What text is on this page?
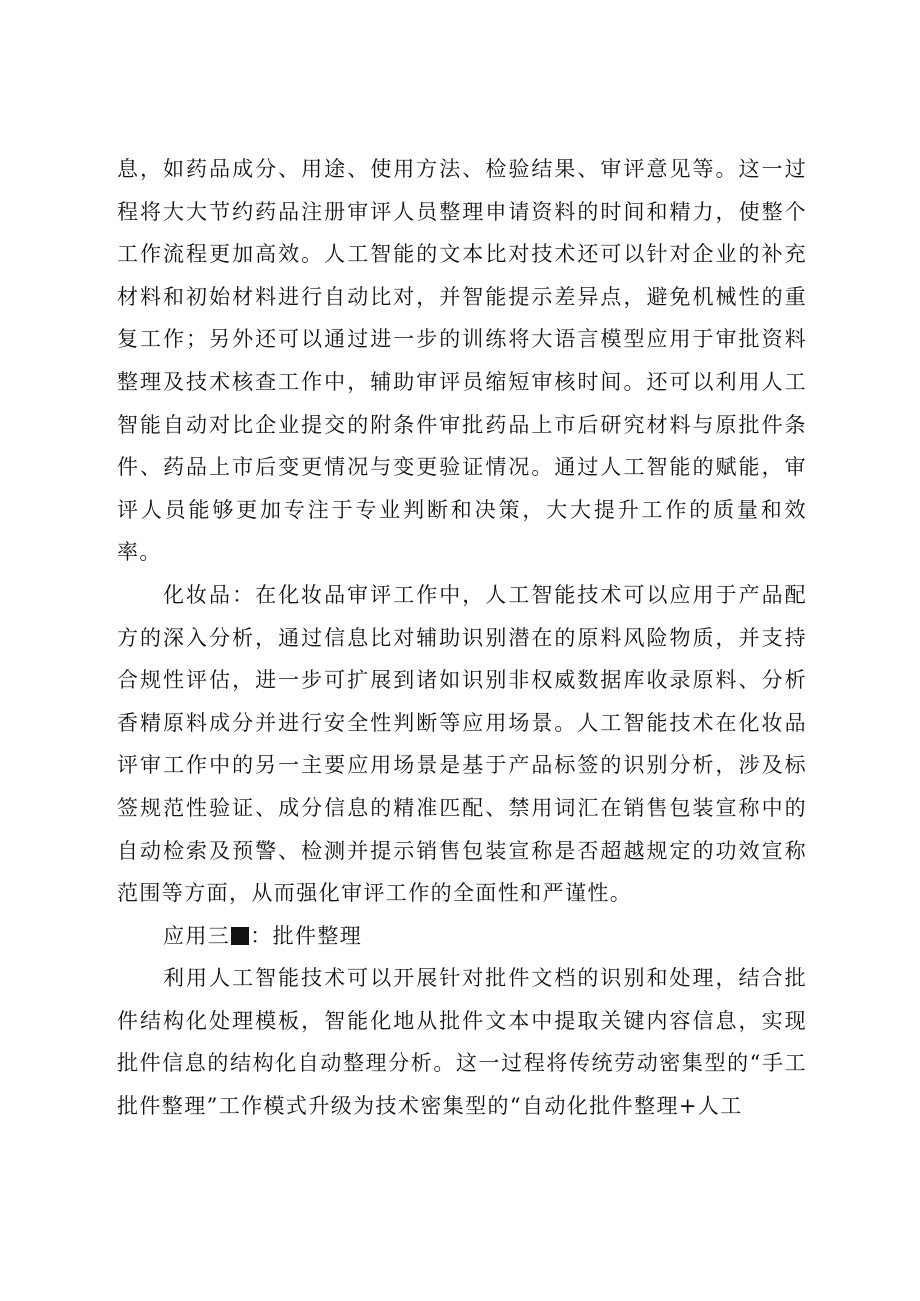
息，如药品成分、用途、使用方法、检验结果、审评意见等。这一过程将大大节约药品注册审评人员整理申请资料的时间和精力，使整个工作流程更加高效。人工智能的文本比对技术还可以针对企业的补充材料和初始材料进行自动比对，并智能提示差异点，避免机械性的重复工作；另外还可以通过进一步的训练将大语言模型应用于审批资料整理及技术核查工作中，辅助审评员缩短审核时间。还可以利用人工智能自动对比企业提交的附条件审批药品上市后研究材料与原批件条件、药品上市后变更情况与变更验证情况。通过人工智能的赋能，审评人员能够更加专注于专业判断和决策，大大提升工作的质量和效率。

化妆品：在化妆品审评工作中，人工智能技术可以应用于产品配方的深入分析，通过信息比对辅助识别潜在的原料风险物质，并支持合规性评估，进一步可扩展到诸如识别非权威数据库收录原料、分析香精原料成分并进行安全性判断等应用场景。人工智能技术在化妆品评审工作中的另一主要应用场景是基于产品标签的识别分析，涉及标签规范性验证、成分信息的精准匹配、禁用词汇在销售包装宣称中的自动检索及预警、检测并提示销售包装宣称是否超越规定的功效宣称范围等方面，从而强化审评工作的全面性和严谨性。

应用三 ：批件整理

利用人工智能技术可以开展针对批件文档的识别和处理，结合批件结构化处理模板，智能化地从批件文本中提取关键内容信息，实现批件信息的结构化自动整理分析。这一过程将传统劳动密集型的“手工批件整理”工作模式升级为技术密集型的“自动化批件整理+人工
